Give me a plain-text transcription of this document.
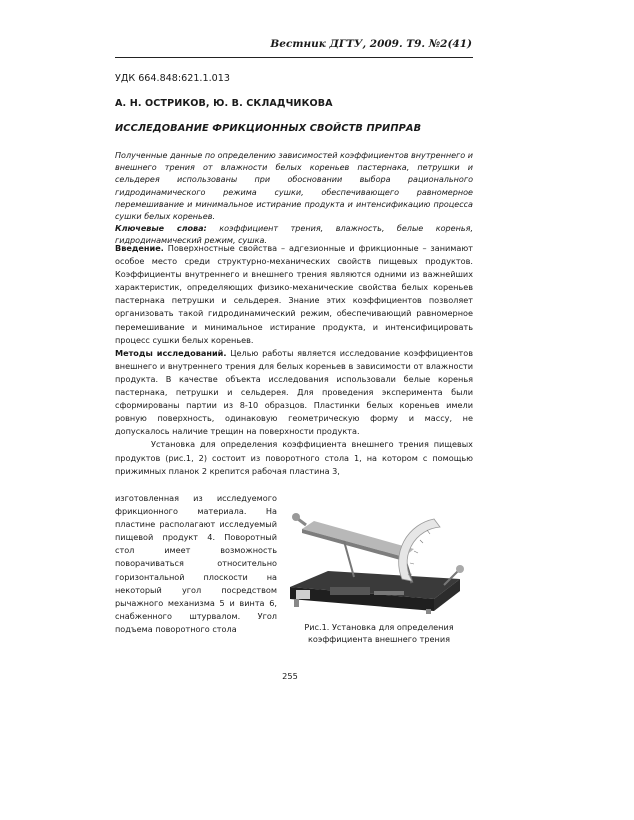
Вестник ДГТУ, 2009. Т9. №2(41)
УДК 664.848:621.1.013
А. Н. ОСТРИКОВ, Ю. В. СКЛАДЧИКОВА
ИССЛЕДОВАНИЕ ФРИКЦИОННЫХ СВОЙСТВ ПРИПРАВ

Полученные данные по определению зависимостей коэффициентов внутреннего и внешнего трения от влажности белых кореньев пастернака, петрушки и сельдерея использованы при обосновании выбора рационального гидродинамического режима сушки, обеспечивающего равномерное перемешивание и минимальное истирание продукта и интенсификацию процесса сушки белых кореньев.
Ключевые слова: коэффициент трения, влажность, белые коренья, гидродинамический режим, сушка.

Введение. Поверхностные свойства – адгезионные и фрикционные – занимают особое место среди структурно-механических свойств пищевых продуктов. Коэффициенты внутреннего и внешнего трения являются одними из важнейших характеристик, определяющих физико-механические свойства белых кореньев пастернака петрушки и сельдерея. Знание этих коэффициентов позволяет организовать такой гидродинамический режим, обеспечивающий равномерное перемешивание и минимальное истирание продукта, и интенсифицировать процесс сушки белых кореньев.

Методы исследований. Целью работы является исследование коэффициентов внешнего и внутреннего трения для белых кореньев в зависимости от влажности продукта. В качестве объекта исследования использовали белые коренья пастернака, петрушки и сельдерея. Для проведения эксперимента были сформированы партии из 8-10 образцов. Пластинки белых кореньев имели ровную поверхность, одинаковую геометрическую форму и массу, не допускалось наличие трещин на поверхности продукта.

Установка для определения коэффициента внешнего трения пищевых продуктов (рис.1, 2) состоит из поворотного стола 1, на котором с помощью прижимных планок 2 крепится рабочая пластина 3,

изготовленная из исследуемого фрикционного материала. На пластине располагают исследуемый пищевой продукт 4. Поворотный стол имеет возможность поворачиваться относительно горизонтальной плоскости на некоторый угол посредством рычажного механизма 5 и винта 6, снабженного штурвалом. Угол подъема поворотного стола	Рис.1. Установка для определения
коэффициента внешнего трения

255
